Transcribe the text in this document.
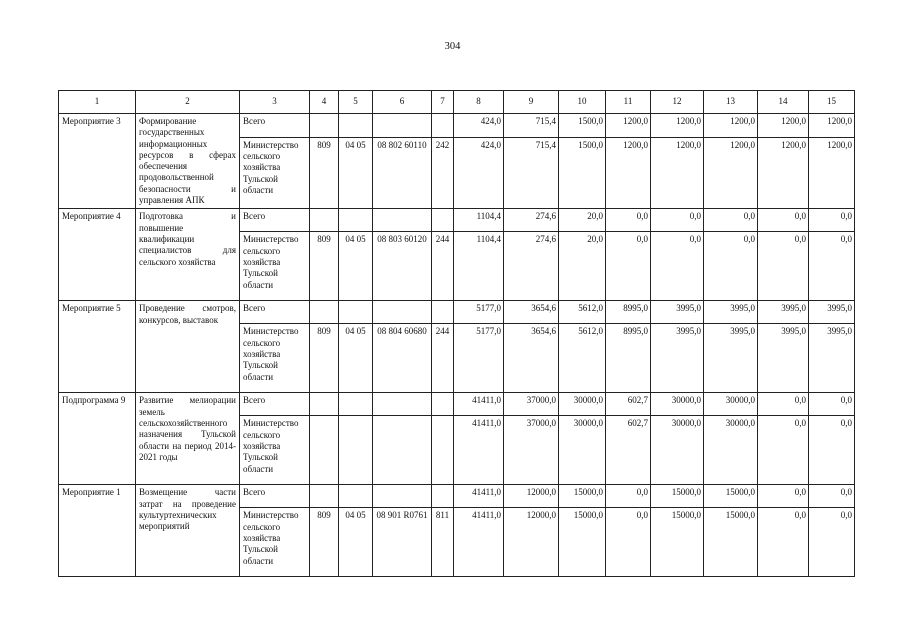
304
1	2	3	4	5	6	7	8	9	10	11	12	13	14	15
Мероприятие 3	Формирование государственных информационных ресурсов в сферах обеспечения продовольственной безопасности и управления АПК	Всего					424,0	715,4	1500,0	1200,0	1200,0	1200,0	1200,0	1200,0
		Министерство сельского хозяйства Тульской области	809	04 05	08 802 60110	242	424,0	715,4	1500,0	1200,0	1200,0	1200,0	1200,0	1200,0
Мероприятие 4	Подготовка и повышение квалификации специалистов для сельского хозяйства	Всего					1104,4	274,6	20,0	0,0	0,0	0,0	0,0	0,0
		Министерство сельского хозяйства Тульской области	809	04 05	08 803 60120	244	1104,4	274,6	20,0	0,0	0,0	0,0	0,0	0,0
Мероприятие 5	Проведение смотров, конкурсов, выставок	Всего					5177,0	3654,6	5612,0	8995,0	3995,0	3995,0	3995,0	3995,0
		Министерство сельского хозяйства Тульской области	809	04 05	08 804 60680	244	5177,0	3654,6	5612,0	8995,0	3995,0	3995,0	3995,0	3995,0
Подпрограмма 9	Развитие мелиорации земель сельскохозяйственного назначения Тульской области на период 2014-2021 годы	Всего					41411,0	37000,0	30000,0	602,7	30000,0	30000,0	0,0	0,0
		Министерство сельского хозяйства Тульской области					41411,0	37000,0	30000,0	602,7	30000,0	30000,0	0,0	0,0
Мероприятие 1	Возмещение части затрат на проведение культуртехнических мероприятий	Всего					41411,0	12000,0	15000,0	0,0	15000,0	15000,0	0,0	0,0
		Министерство сельского хозяйства Тульской области	809	04 05	08 901 R0761	811	41411,0	12000,0	15000,0	0,0	15000,0	15000,0	0,0	0,0
